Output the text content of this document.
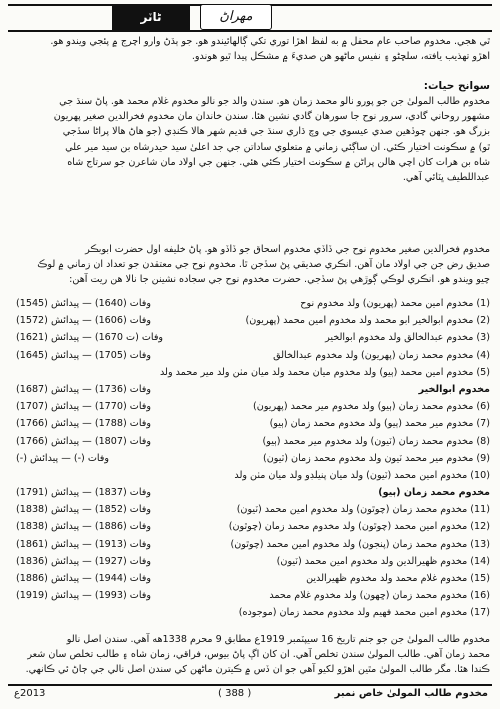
ڻاٽر	مهراڻ
ٿي هجي. مخدوم صاحب عام محفل ۾ به لفظ اهڙا توري تکي ڳالهائيندو هو. جو ٻڌڻ وارو اچرج ۾ پئجي ويندو هو.
اهڙو تهذيب يافته، سلڇڻو ۽ نفيس ماڻهو هن صديءَ ۾ مشڪل پيدا ٿيو هوندو.
سوانح حيات:
مخدوم طالب المولىٰ جن جو پورو نالو محمد زمان هو. سندن والد جو نالو مخدوم غلام محمد هو. پاڻ سنڌ جي
مشهور روحاني گادي، سرور نوح جا سورهان گادي نشين هئا. سندن خاندان مان مخدوم فخرالدين صغير پهريون
بزرگ هو. جنهن چوڏهين صدي عيسوي جي وچ ڌاري سنڌ جي قديم شهر هالا ڪنڊي (جو هاڻ هالا پراڻا سڏجي
ٿو) ۾ سڪونت اختيار ڪئي. ان ساڳئي زماني ۾ متعلوي ساداتن جي جد اعلىٰ سيد حيدرشاه بن سيد مير علي
شاه بن هرات کان اچي هالن پراڻن ۾ سڪونت اختيار ڪئي هئي. جنهن جي اولاد مان شاعرن جو سرتاج شاه
عبداللطيف ڀٽائي آهي.
مخدوم فخرالدين صغير مخدوم نوح جي ڏاڏي مخدوم اسحاق جو ڏاڏو هو. پاڻ خليفه اول حضرت ابوبڪر
صديق رض جن جي اولاد مان آهن. انڪري صديقي پڻ سڏجن ٿا. مخدوم نوح جي معتقدن جو تعداد ان زماني ۾ لوڪ
چيو ويندو هو. انڪري لوڪي ڳوڙهي پڻ سڏجي. حضرت مخدوم نوح جي سجاده نشينن جا نالا هن ريت آهن:
(1) مخدوم امين محمد (پهريون) ولد مخدوم نوح
وفات (1640) — پيدائش (1545)
(2) مخدوم ابوالخير ابو محمد ولد مخدوم امين محمد (پهريون)
وفات (1606) — پيدائش (1572)
(3) مخدوم عبدالخالق ولد مخدوم ابوالخير
وفات (ت 1670) — پيدائش (1621)
(4) مخدوم محمد زمان (پهريون) ولد مخدوم عبدالخالق
وفات (1705) — پيدائش (1645)
(5) مخدوم امين محمد (ٻيو) ولد مخدوم ميان محمد ولد ميان مٺن ولد مير محمد ولد
مخدوم ابوالخير
وفات (1736) — پيدائش (1687)
(6) مخدوم محمد زمان (ٻيو) ولد مخدوم مير محمد (پهريون)
وفات (1770) — پيدائش (1707)
(7) مخدوم مير محمد (ٻيو) ولد مخدوم محمد زمان (ٻيو)
وفات (1788) — پيدائش (1766)
(8) مخدوم محمد زمان (ٽيون) ولد مخدوم مير محمد (ٻيو)
وفات (1807) — پيدائش (1766)
(9) مخدوم مير محمد ٽيون ولد مخدوم محمد زمان (ٽيون)
وفات (-) — پيدائش (-)
(10) مخدوم امين محمد (ٽيون) ولد ميان پنيلڊو ولد ميان مٺن ولد
مخدوم محمد زمان (ٻيو)
وفات (1837) — پيدائش (1791)
(11) مخدوم محمد زمان (چوٿون) ولد مخدوم امين محمد (ٽيون)
وفات (1852) — پيدائش (1838)
(12) مخدوم امين محمد (چوٿون) ولد مخدوم محمد زمان (چوٿون)
وفات (1886) — پيدائش (1838)
(13) مخدوم محمد زمان (پنجون) ولد مخدوم امين محمد (چوٿون)
وفات (1913) — پيدائش (1861)
(14) مخدوم ظهيرالدين ولد مخدوم امين محمد (ٽيون)
وفات (1927) — پيدائش (1836)
(15) مخدوم غلام محمد ولد مخدوم ظهيرالدين
وفات (1944) — پيدائش (1886)
(16) مخدوم محمد زمان (ڇهون) ولد مخدوم غلام محمد
وفات (1993) — پيدائش (1919)
(17) مخدوم امين محمد فهيم ولد مخدوم محمد زمان (موجوده)
مخدوم طالب المولىٰ جن جو جنم تاريخ 16 سيپٽمبر 1919ع مطابق 9 محرم 1338هه آهي. سندن اصل نالو
محمد زمان آهي. طالب المولىٰ سندن تخلص آهي. ان کان اڳ پاڻ بيوس، فراقي، زمان شاه ۽ طالب تخلص سان شعر
ڪندا هئا. مگر طالب المولىٰ مٿين اهڙو لکيو آهي جو ان ڏس ۾ ڪيترن ماڻهن کي سندن اصل نالي جي ڄاڻ ئي ڪانهي.
2013ع	( 388 )	مخدوم طالب المولىٰ خاص نمبر
